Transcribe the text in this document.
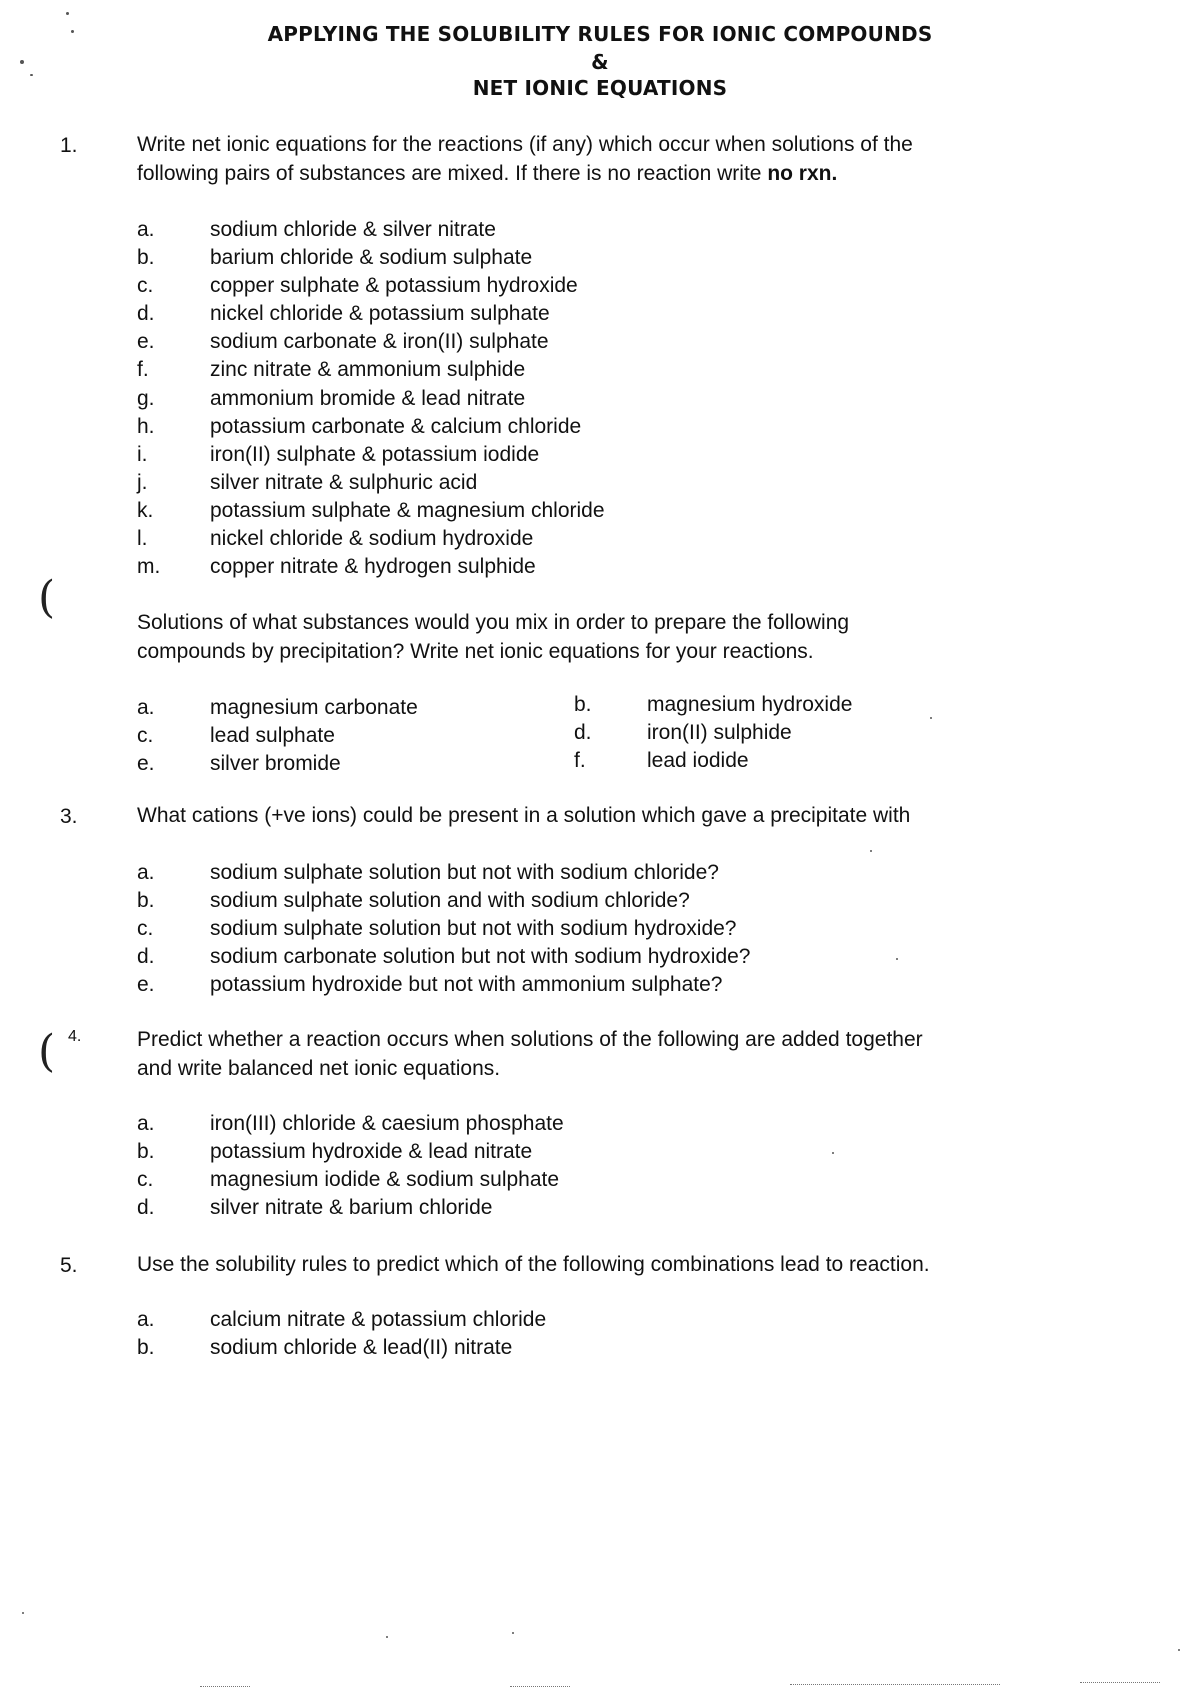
APPLYING THE SOLUBILITY RULES FOR IONIC COMPOUNDS
&
NET IONIC EQUATIONS
1.	Write net ionic equations for the reactions (if any) which occur when solutions of the
following pairs of substances are mixed. If there is no reaction write no rxn.
a.	sodium chloride & silver nitrate
b.	barium chloride & sodium sulphate
c.	copper sulphate & potassium hydroxide
d.	nickel chloride & potassium sulphate
e.	sodium carbonate & iron(II) sulphate
f.	zinc nitrate & ammonium sulphide
g.	ammonium bromide & lead nitrate
h.	potassium carbonate & calcium chloride
i.	iron(II) sulphate & potassium iodide
j.	silver nitrate & sulphuric acid
k.	potassium sulphate & magnesium chloride
l.	nickel chloride & sodium hydroxide
m.	copper nitrate & hydrogen sulphide
(	Solutions of what substances would you mix in order to prepare the following
compounds by precipitation? Write net ionic equations for your reactions.
a.	magnesium carbonate
c.	lead sulphate
e.	silver bromide
b.	magnesium hydroxide
d.	iron(II) sulphide
f.	lead iodide
3.	What cations (+ve ions) could be present in a solution which gave a precipitate with
a.	sodium sulphate solution but not with sodium chloride?
b.	sodium sulphate solution and with sodium chloride?
c.	sodium sulphate solution but not with sodium hydroxide?
d.	sodium carbonate solution but not with sodium hydroxide?
e.	potassium hydroxide but not with ammonium sulphate?
( 4.	Predict whether a reaction occurs when solutions of the following are added together
and write balanced net ionic equations.
a.	iron(III) chloride & caesium phosphate
b.	potassium hydroxide & lead nitrate
c.	magnesium iodide & sodium sulphate
d.	silver nitrate & barium chloride
5.	Use the solubility rules to predict which of the following combinations lead to reaction.
a.	calcium nitrate & potassium chloride
b.	sodium chloride & lead(II) nitrate
